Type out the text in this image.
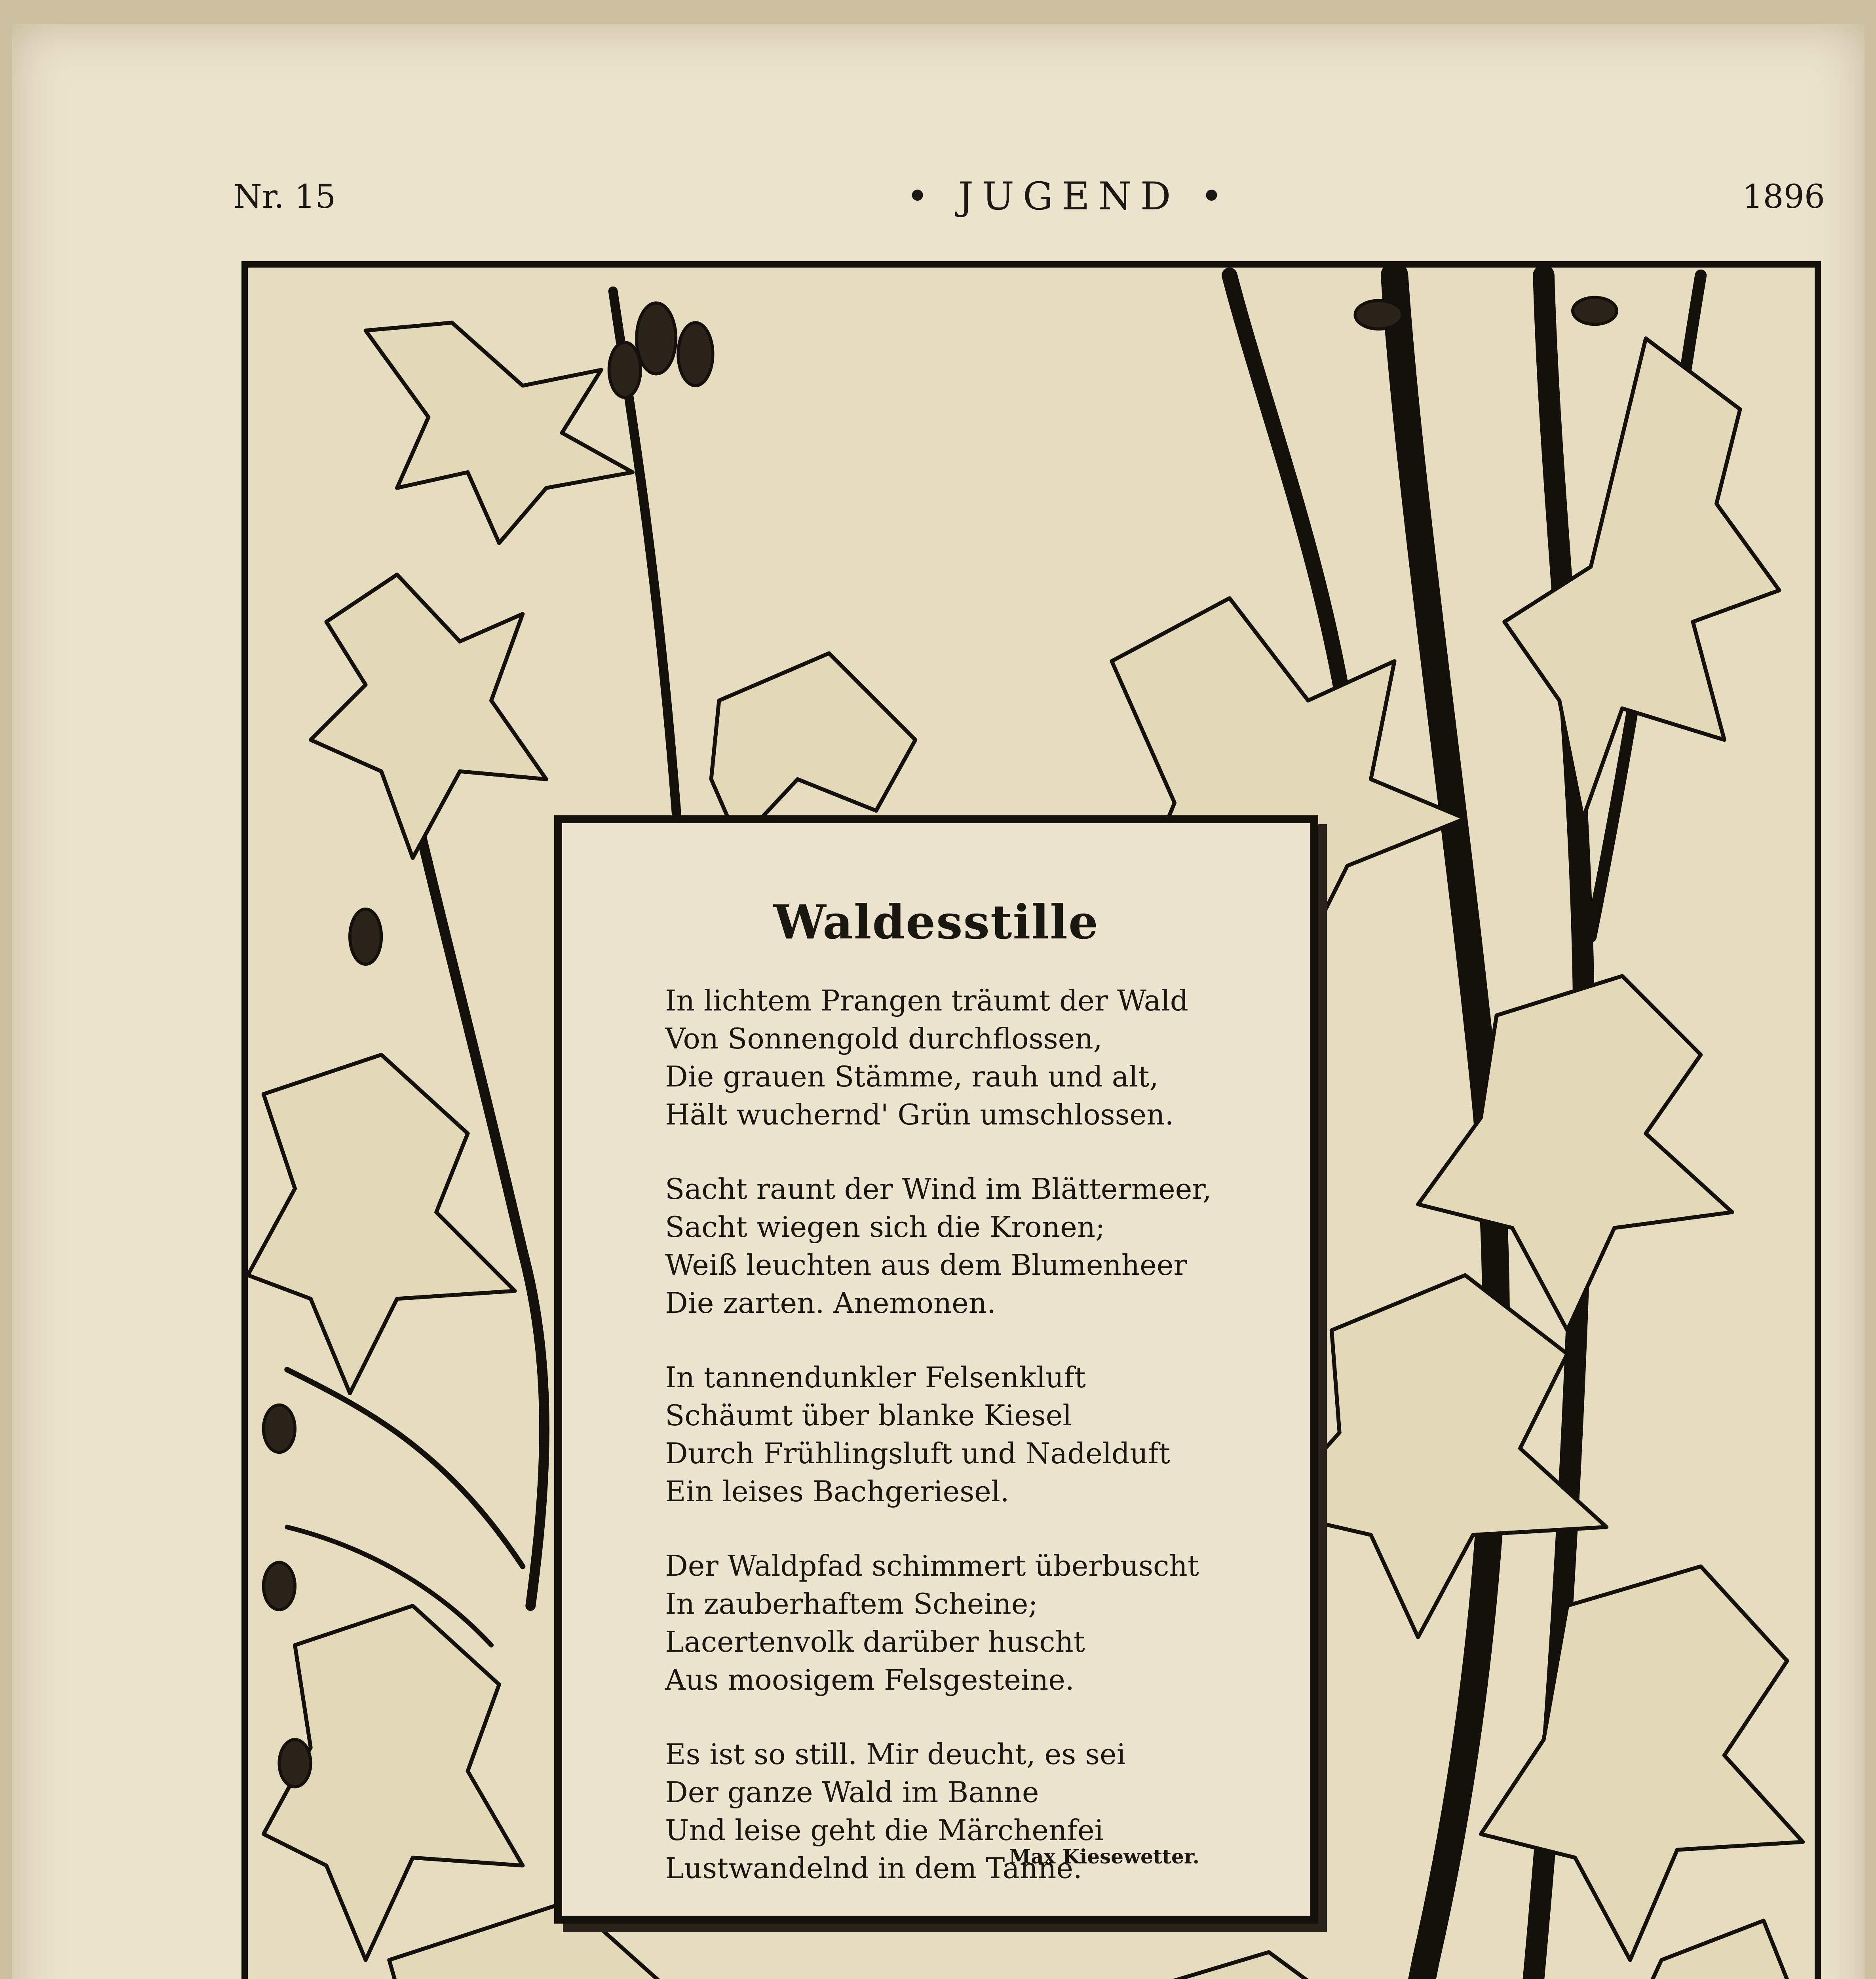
Nr. 15	• JUGEND •	1896
Waldesstille
In lichtem Prangen träumt der Wald
Von Sonnengold durchflossen,
Die grauen Stämme, rauh und alt,
Hält wuchernd' Grün umschlossen.
Sacht raunt der Wind im Blättermeer,
Sacht wiegen sich die Kronen;
Weiß leuchten aus dem Blumenheer
Die zarten. Anemonen.
In tannendunkler Felsenkluft
Schäumt über blanke Kiesel
Durch Frühlingsluft und Nadelduft
Ein leises Bachgeriesel.
Der Waldpfad schimmert überbuscht
In zauberhaftem Scheine;
Lacertenvolk darüber huscht
Aus moosigem Felsgesteine.
Es ist so still. Mir deucht, es sei
Der ganze Wald im Banne
Und leise geht die Märchenfei
Lustwandelnd in dem Tanne.
Max Kiesewetter.
